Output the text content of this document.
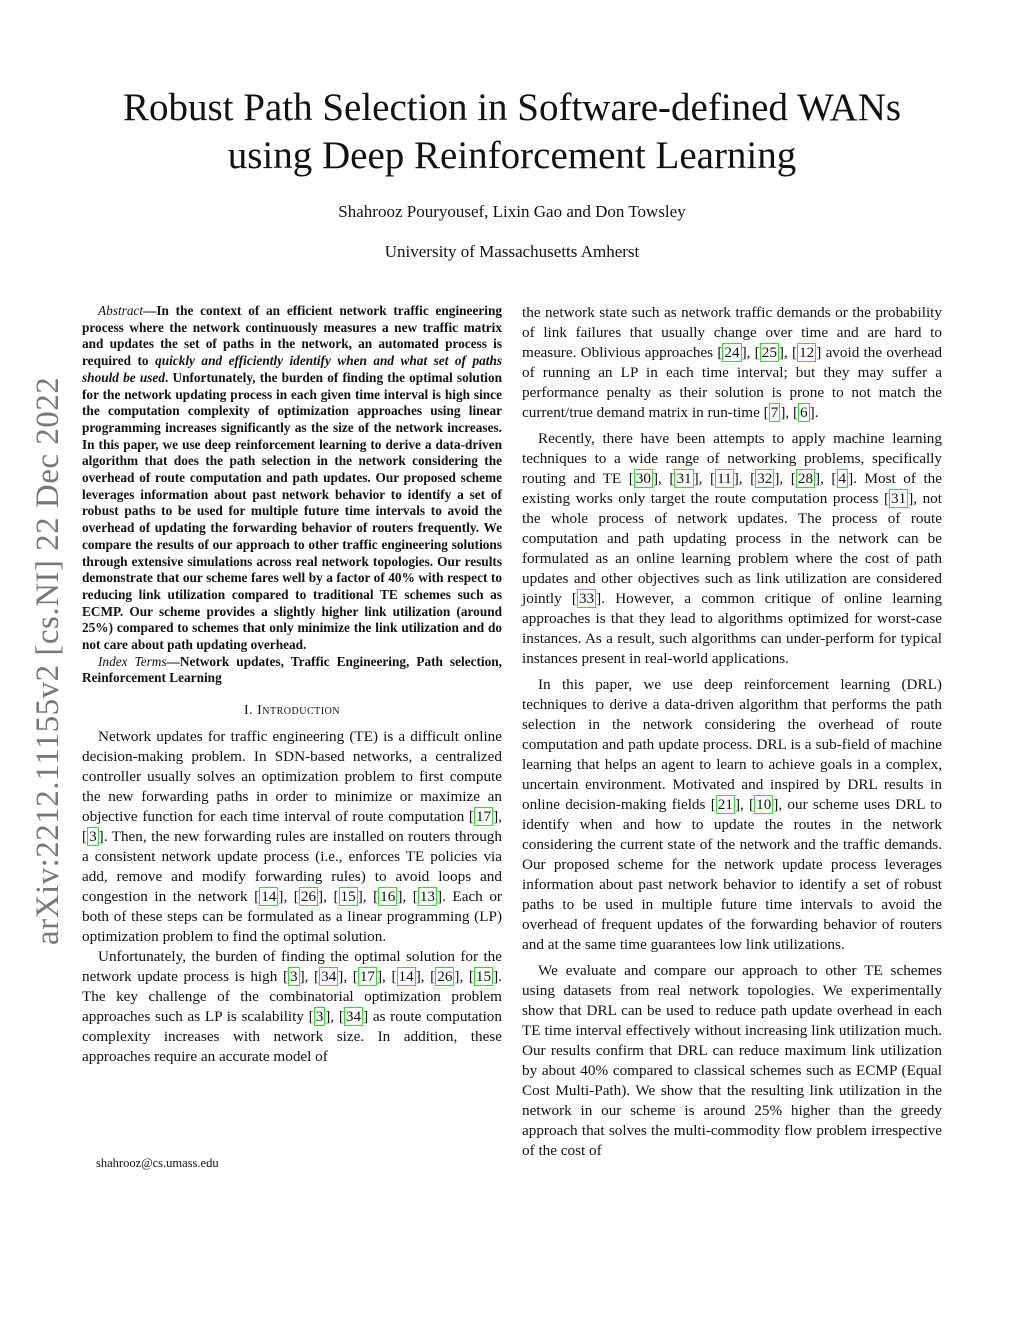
Robust Path Selection in Software-defined WANs
using Deep Reinforcement Learning
Shahrooz Pouryousef, Lixin Gao and Don Towsley
University of Massachusetts Amherst
arXiv:2212.11155v2 [cs.NI] 22 Dec 2022

Abstract—In the context of an efficient network traffic engineering process where the network continuously measures a new traffic matrix and updates the set of paths in the network, an automated process is required to quickly and efficiently identify when and what set of paths should be used. Unfortunately, the burden of finding the optimal solution for the network updating process in each given time interval is high since the computation complexity of optimization approaches using linear programming increases significantly as the size of the network increases. In this paper, we use deep reinforcement learning to derive a data-driven algorithm that does the path selection in the network considering the overhead of route computation and path updates. Our proposed scheme leverages information about past network behavior to identify a set of robust paths to be used for multiple future time intervals to avoid the overhead of updating the forwarding behavior of routers frequently. We compare the results of our approach to other traffic engineering solutions through extensive simulations across real network topologies. Our results demonstrate that our scheme fares well by a factor of 40% with respect to reducing link utilization compared to traditional TE schemes such as ECMP. Our scheme provides a slightly higher link utilization (around 25%) compared to schemes that only minimize the link utilization and do not care about path updating overhead.

Index Terms—Network updates, Traffic Engineering, Path selection, Reinforcement Learning

I. Introduction

Network updates for traffic engineering (TE) is a difficult online decision-making problem. In SDN-based networks, a centralized controller usually solves an optimization problem to first compute the new forwarding paths in order to minimize or maximize an objective function for each time interval of route computation [ 17 ], [ 3 ]. Then, the new forwarding rules are installed on routers through a consistent network update process (i.e., enforces TE policies via add, remove and modify forwarding rules) to avoid loops and congestion in the network [ 14 ], [ 26 ], [ 15 ], [ 16 ], [ 13 ]. Each or both of these steps can be formulated as a linear programming (LP) optimization problem to find the optimal solution.

Unfortunately, the burden of finding the optimal solution for the network update process is high [ 3 ], [ 34 ], [ 17 ], [ 14 ], [ 26 ], [ 15 ]. The key challenge of the combinatorial optimization problem approaches such as LP is scalability [ 3 ], [ 34 ] as route computation complexity increases with network size. In addition, these approaches require an accurate model of

shahrooz@cs.umass.edu

the network state such as network traffic demands or the probability of link failures that usually change over time and are hard to measure. Oblivious approaches [ 24 ], [ 25 ], [ 12 ] avoid the overhead of running an LP in each time interval; but they may suffer a performance penalty as their solution is prone to not match the current/true demand matrix in run-time [ 7 ], [ 6 ].

Recently, there have been attempts to apply machine learning techniques to a wide range of networking problems, specifically routing and TE [ 30 ], [ 31 ], [ 11 ], [ 32 ], [ 28 ], [ 4 ]. Most of the existing works only target the route computation process [ 31 ], not the whole process of network updates. The process of route computation and path updating process in the network can be formulated as an online learning problem where the cost of path updates and other objectives such as link utilization are considered jointly [ 33 ]. However, a common critique of online learning approaches is that they lead to algorithms optimized for worst-case instances. As a result, such algorithms can under-perform for typical instances present in real-world applications.

In this paper, we use deep reinforcement learning (DRL) techniques to derive a data-driven algorithm that performs the path selection in the network considering the overhead of route computation and path update process. DRL is a sub-field of machine learning that helps an agent to learn to achieve goals in a complex, uncertain environment. Motivated and inspired by DRL results in online decision-making fields [ 21 ], [ 10 ], our scheme uses DRL to identify when and how to update the routes in the network considering the current state of the network and the traffic demands. Our proposed scheme for the network update process leverages information about past network behavior to identify a set of robust paths to be used in multiple future time intervals to avoid the overhead of frequent updates of the forwarding behavior of routers and at the same time guarantees low link utilizations.

We evaluate and compare our approach to other TE schemes using datasets from real network topologies. We experimentally show that DRL can be used to reduce path update overhead in each TE time interval effectively without increasing link utilization much. Our results confirm that DRL can reduce maximum link utilization by about 40% compared to classical schemes such as ECMP (Equal Cost Multi-Path). We show that the resulting link utilization in the network in our scheme is around 25% higher than the greedy approach that solves the multi-commodity flow problem irrespective of the cost of
